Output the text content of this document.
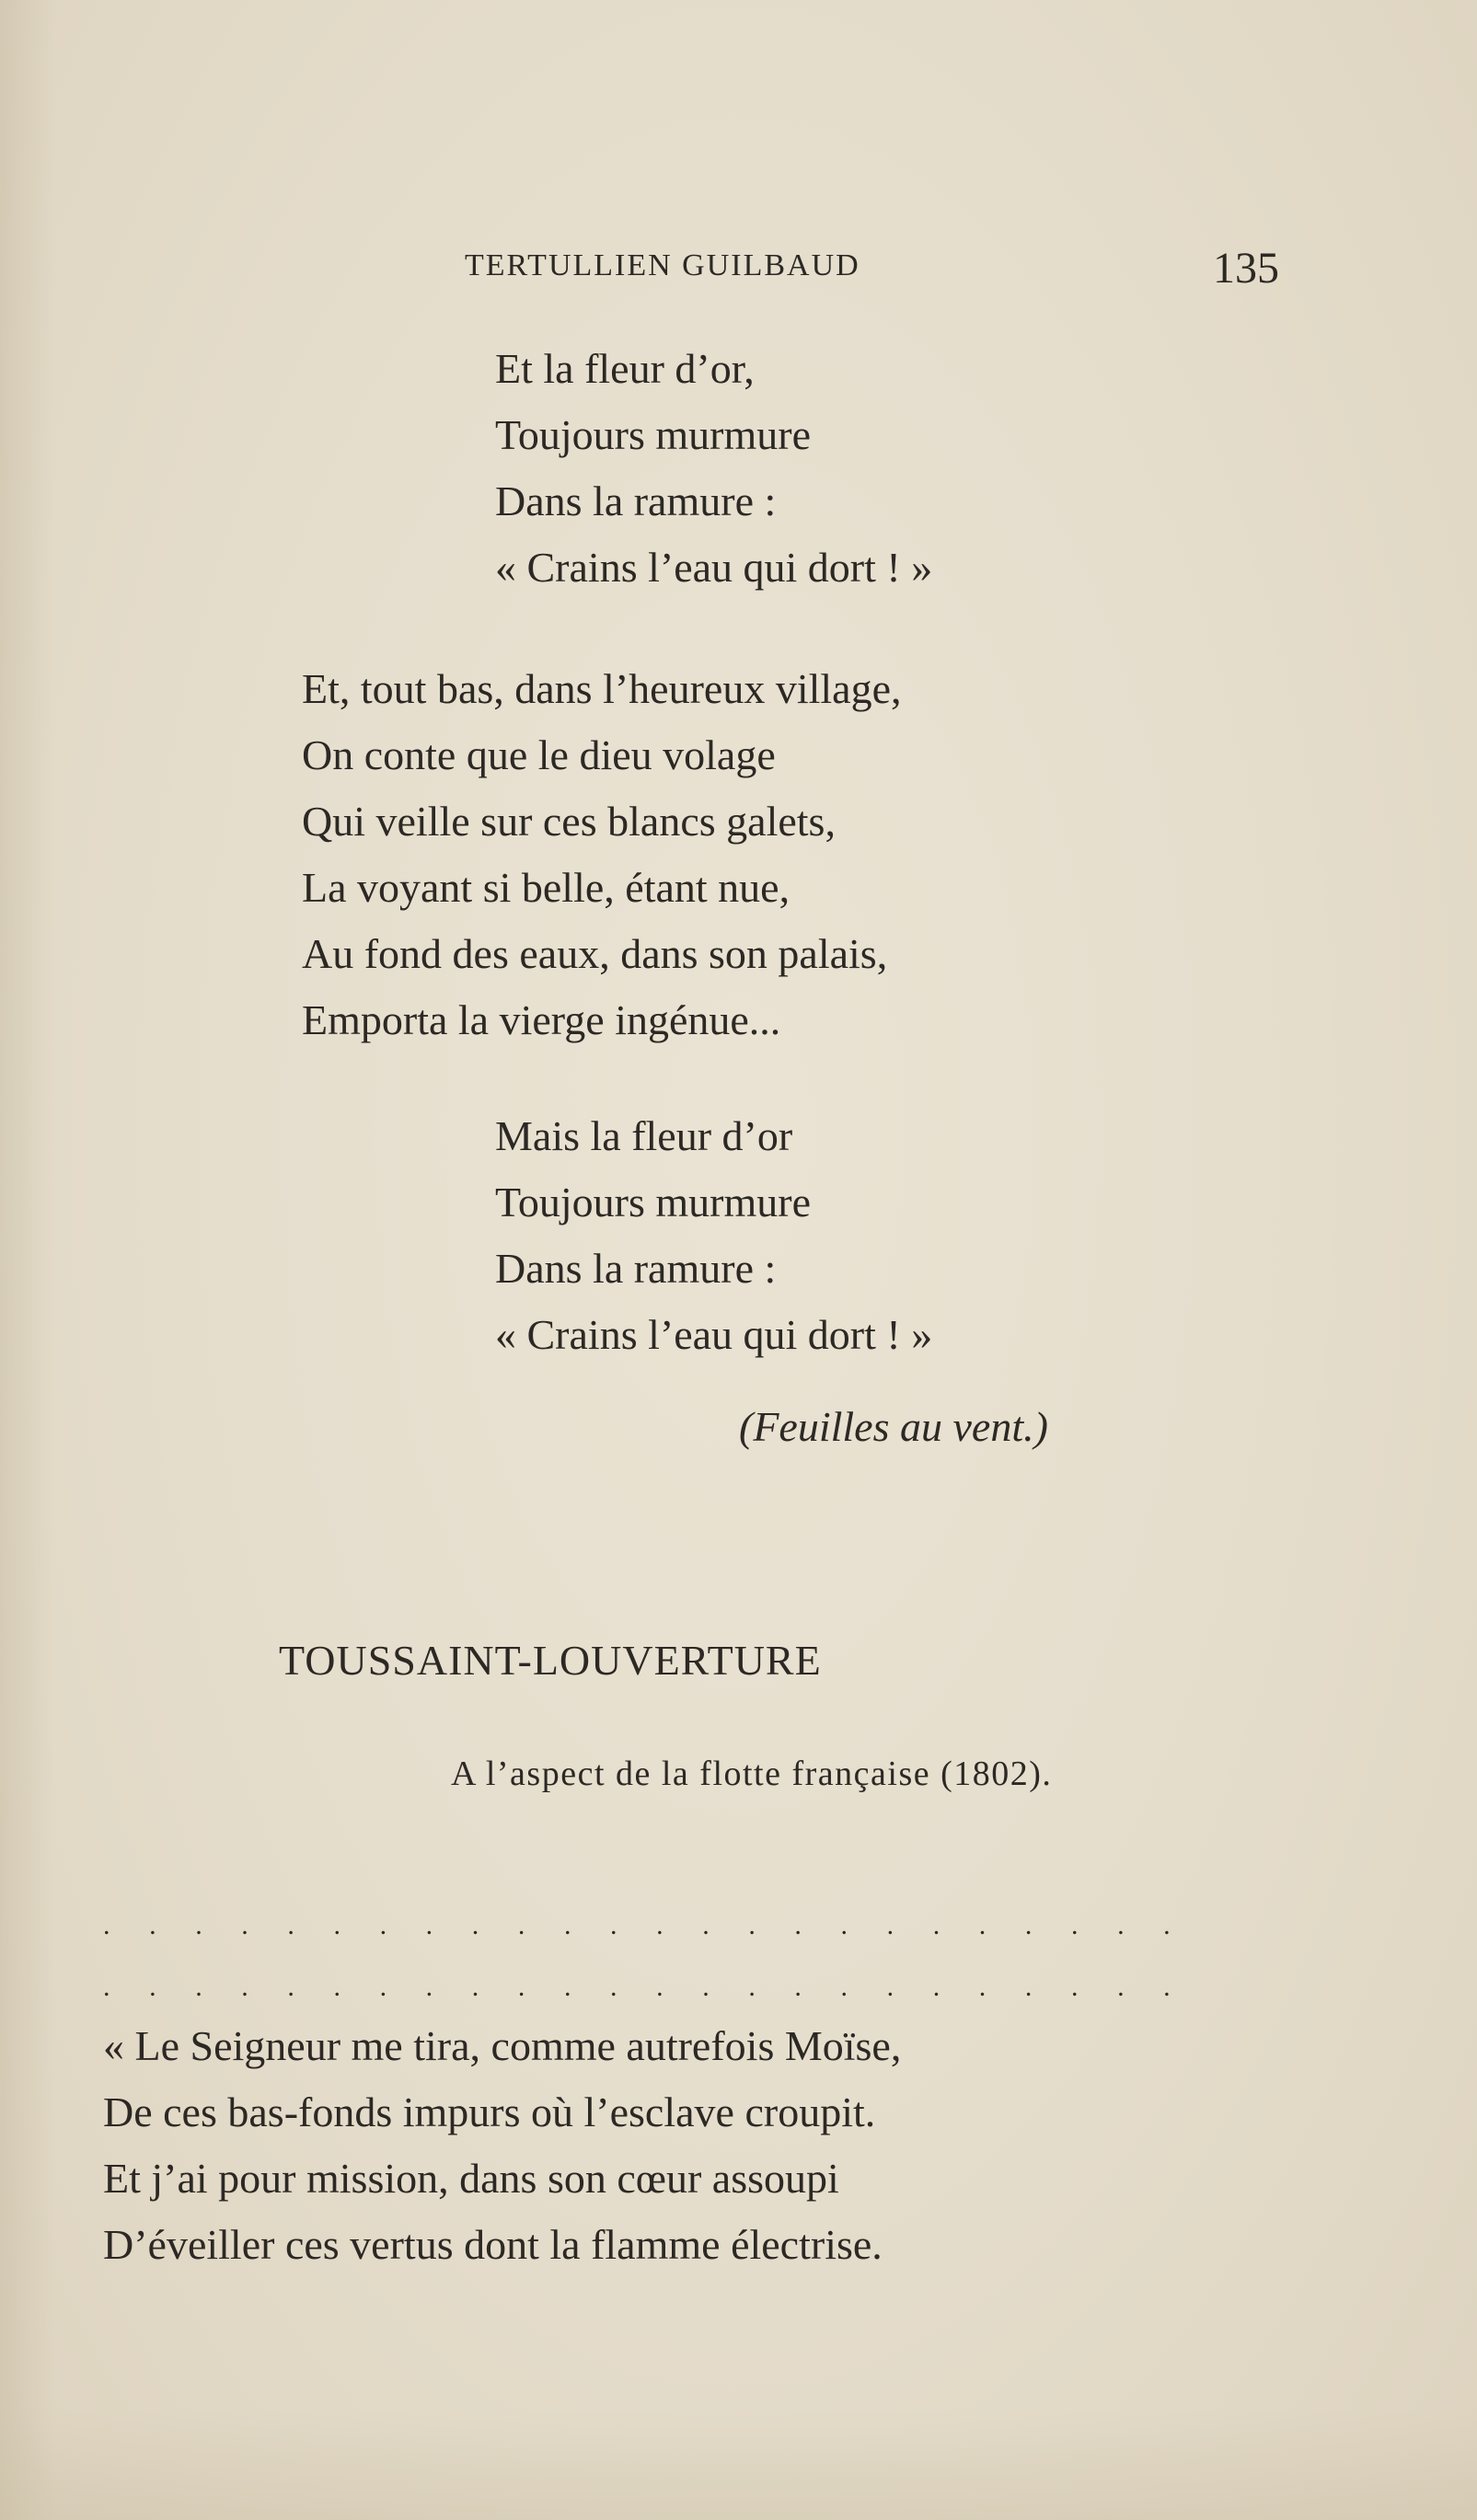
TERTULLIEN GUILBAUD	135
Et la fleur d’or,
Toujours murmure
Dans la ramure :
« Crains l’eau qui dort ! »
Et, tout bas, dans l’heureux village,
On conte que le dieu volage
Qui veille sur ces blancs galets,
La voyant si belle, étant nue,
Au fond des eaux, dans son palais,
Emporta la vierge ingénue...
Mais la fleur d’or
Toujours murmure
Dans la ramure :
« Crains l’eau qui dort ! »
(Feuilles au vent.)
TOUSSAINT-LOUVERTURE
A l’aspect de la flotte française (1802).
. . . . . . . . . . . . . . . . . . . . . . . .
. . . . . . . . . . . . . . . . . . . . . . . .
« Le Seigneur me tira, comme autrefois Moïse,
De ces bas-fonds impurs où l’esclave croupit.
Et j’ai pour mission, dans son cœur assoupi
D’éveiller ces vertus dont la flamme électrise.
